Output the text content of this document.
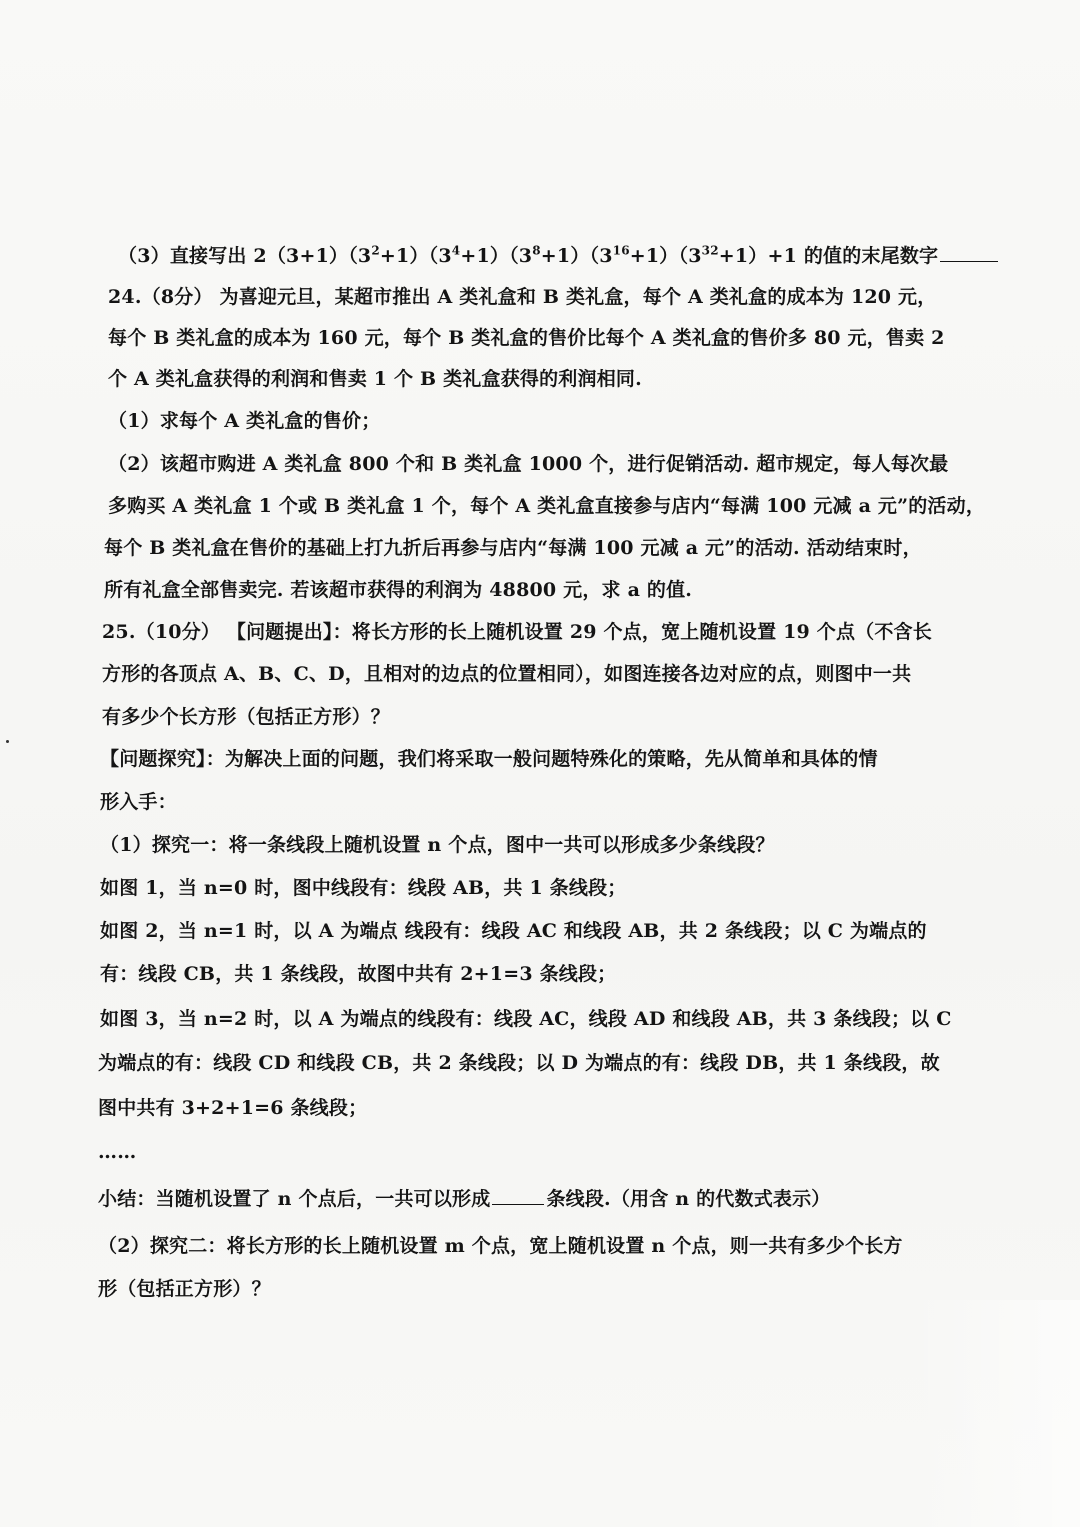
（3）直接写出 $2(3+1)(3^2+1)(3^4+1)(3^8+1)(3^{16}+1)(3^{32}+1)+1$ 的值的末尾数字
24.（8分） 为喜迎元旦，某超市推出 A 类礼盒和 B 类礼盒，每个 A 类礼盒的成本为 120 元，
每个 B 类礼盒的成本为 160 元，每个 B 类礼盒的售价比每个 A 类礼盒的售价多 80 元，售卖 2
个 A 类礼盒获得的利润和售卖 1 个 B 类礼盒获得的利润相同.
（1）求每个 A 类礼盒的售价；
（2）该超市购进 A 类礼盒 800 个和 B 类礼盒 1000 个，进行促销活动. 超市规定，每人每次最
多购买 A 类礼盒 1 个或 B 类礼盒 1 个，每个 A 类礼盒直接参与店内“每满 100 元减 a 元”的活动，
每个 B 类礼盒在售价的基础上打九折后再参与店内“每满 100 元减 a 元”的活动. 活动结束时，
所有礼盒全部售卖完. 若该超市获得的利润为 48800 元，求 a 的值.
25.（10分） 【问题提出】：将长方形的长上随机设置 29 个点，宽上随机设置 19 个点（不含长
方形的各顶点 A、B、C、D，且相对的边点的位置相同），如图连接各边对应的点，则图中一共
有多少个长方形（包括正方形）？
【问题探究】：为解决上面的问题，我们将采取一般问题特殊化的策略，先从简单和具体的情
形入手：
（1）探究一：将一条线段上随机设置 n 个点，图中一共可以形成多少条线段？
如图 1，当 n=0 时，图中线段有：线段 AB，共 1 条线段；
如图 2，当 n=1 时，以 A 为端点 线段有：线段 AC 和线段 AB，共 2 条线段；以 C 为端点的
有：线段 CB，共 1 条线段，故图中共有 2+1=3 条线段；
如图 3，当 n=2 时，以 A 为端点的线段有：线段 AC，线段 AD 和线段 AB，共 3 条线段；以 C
为端点的有：线段 CD 和线段 CB，共 2 条线段；以 D 为端点的有：线段 DB，共 1 条线段，故
图中共有 3+2+1=6 条线段；
……
小结：当随机设置了 n 个点后，一共可以形成	条线段.（用含 n 的代数式表示）
（2）探究二：将长方形的长上随机设置 m 个点，宽上随机设置 n 个点，则一共有多少个长方
形（包括正方形）？
